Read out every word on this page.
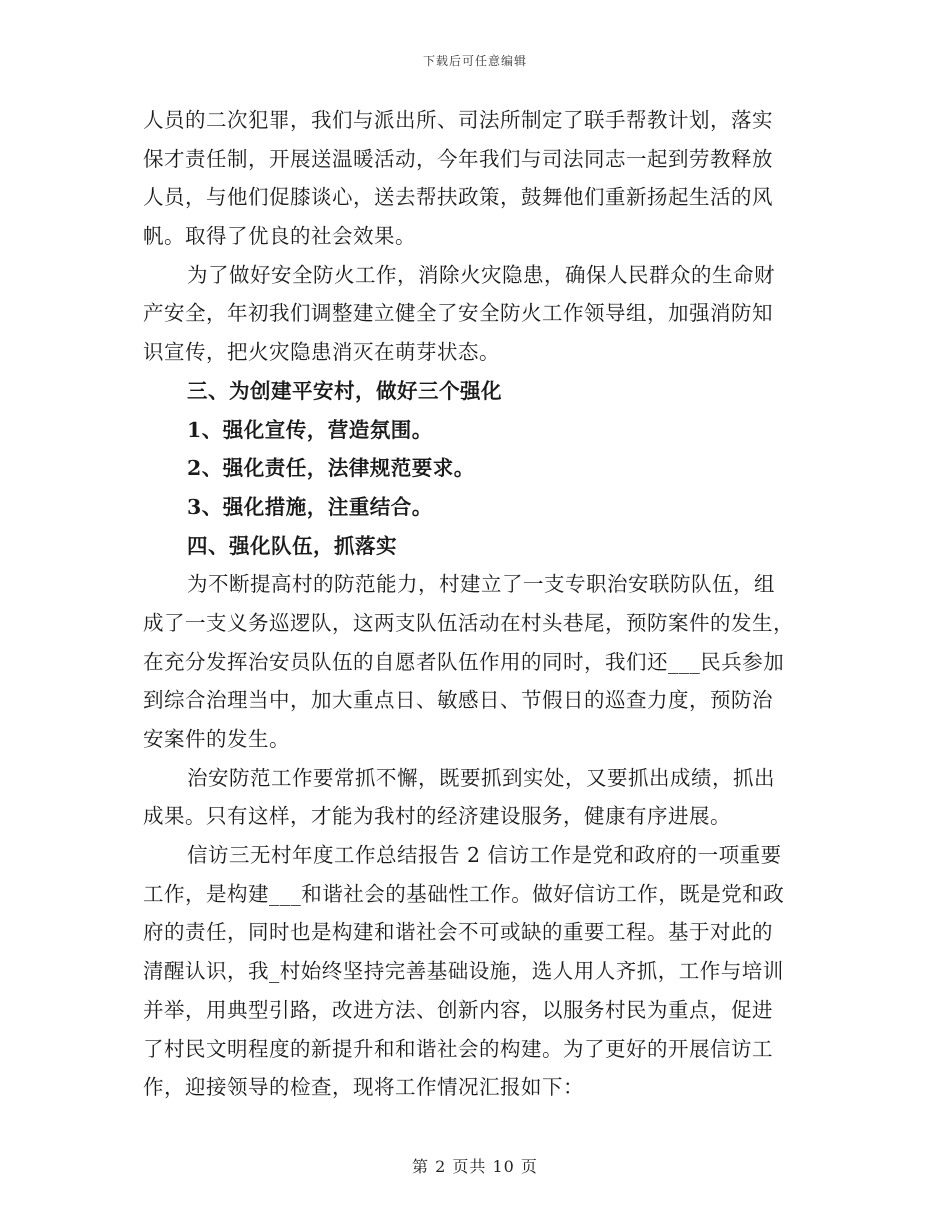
下载后可任意编辑
人员的二次犯罪，我们与派出所、司法所制定了联手帮教计划，落实
保才责任制，开展送温暖活动，今年我们与司法同志一起到劳教释放
人员，与他们促膝谈心，送去帮扶政策，鼓舞他们重新扬起生活的风
帆。取得了优良的社会效果。
为了做好安全防火工作，消除火灾隐患，确保人民群众的生命财
产安全，年初我们调整建立健全了安全防火工作领导组，加强消防知
识宣传，把火灾隐患消灭在萌芽状态。
三、为创建平安村，做好三个强化
1、强化宣传，营造氛围。
2、强化责任，法律规范要求。
3、强化措施，注重结合。
四、强化队伍，抓落实
为不断提高村的防范能力，村建立了一支专职治安联防队伍，组
成了一支义务巡逻队，这两支队伍活动在村头巷尾，预防案件的发生，
在充分发挥治安员队伍的自愿者队伍作用的同时，我们还___民兵参加
到综合治理当中，加大重点日、敏感日、节假日的巡查力度，预防治
安案件的发生。
治安防范工作要常抓不懈，既要抓到实处，又要抓出成绩，抓出
成果。只有这样，才能为我村的经济建设服务，健康有序进展。
信访三无村年度工作总结报告 2 信访工作是党和政府的一项重要
工作，是构建___和谐社会的基础性工作。做好信访工作，既是党和政
府的责任，同时也是构建和谐社会不可或缺的重要工程。基于对此的
清醒认识，我_村始终坚持完善基础设施，选人用人齐抓，工作与培训
并举，用典型引路，改进方法、创新内容，以服务村民为重点，促进
了村民文明程度的新提升和和谐社会的构建。为了更好的开展信访工
作，迎接领导的检查，现将工作情况汇报如下：
第 2 页共 10 页
